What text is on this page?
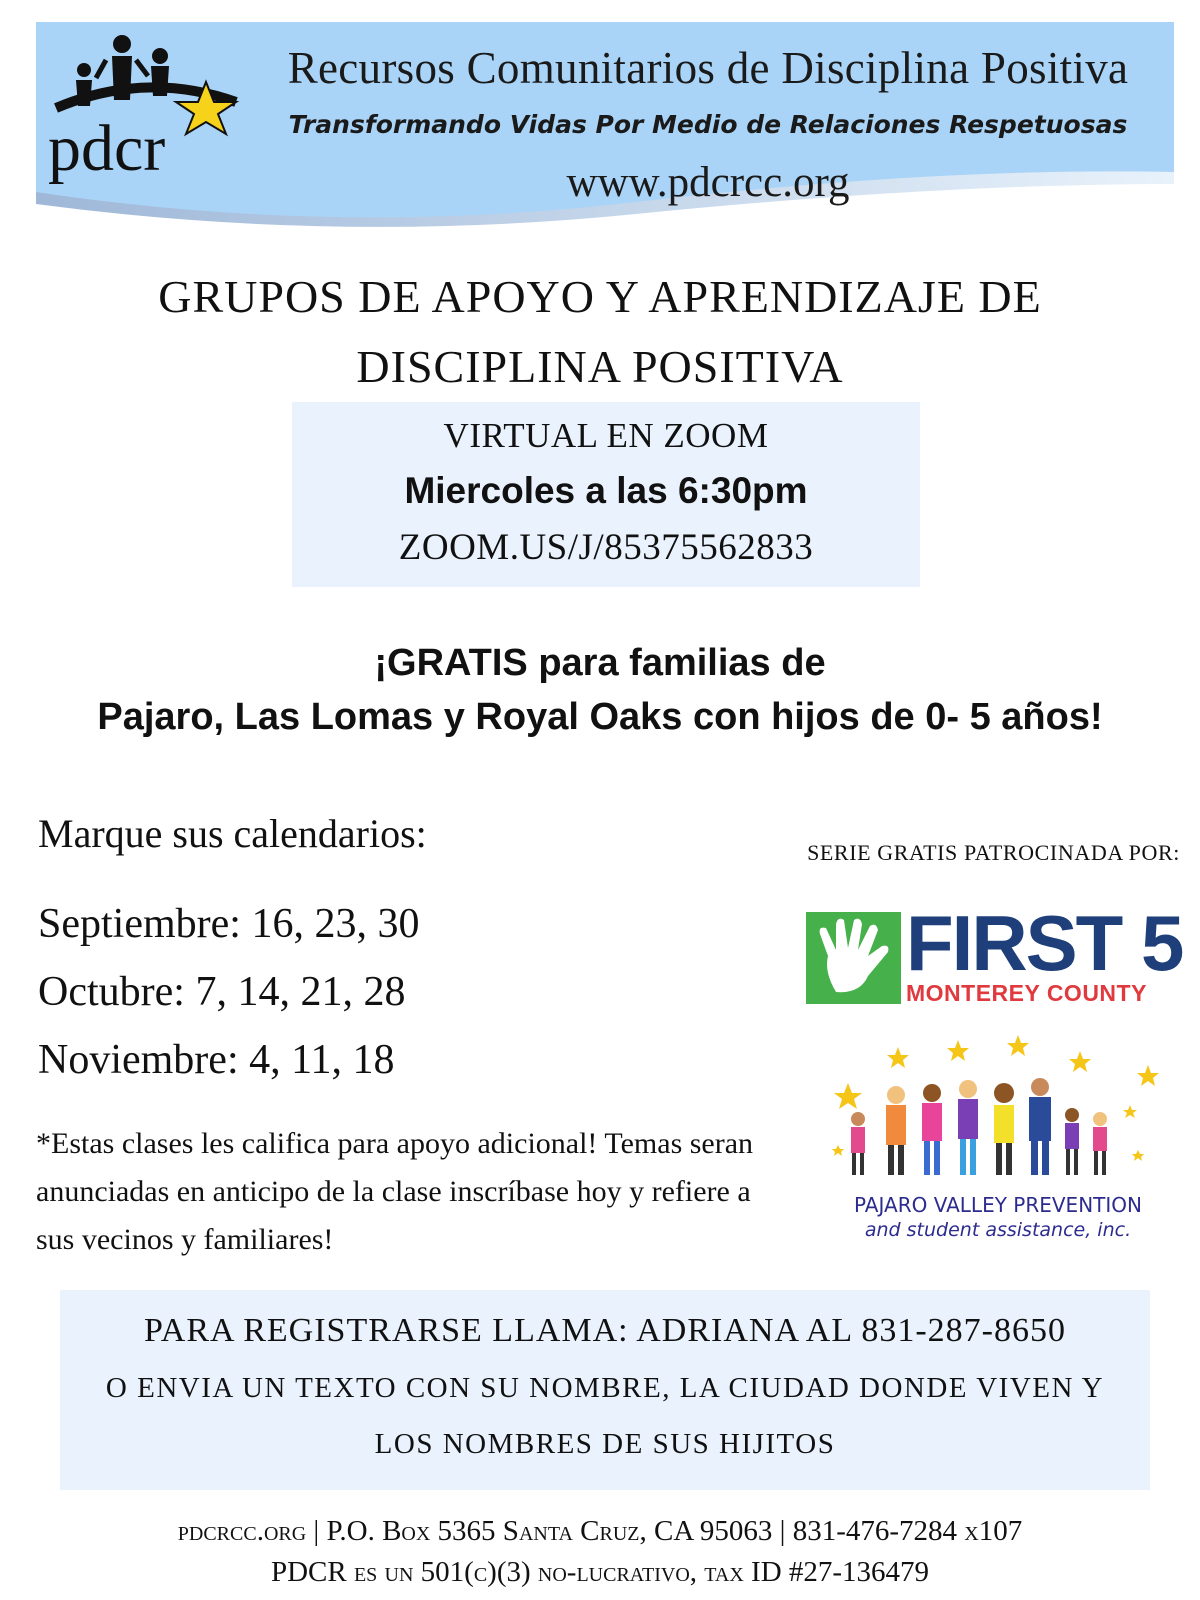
pdcr
Recursos Comunitarios de Disciplina Positiva
Transformando Vidas Por Medio de Relaciones Respetuosas
www.pdcrcc.org
GRUPOS DE APOYO Y APRENDIZAJE DE
DISCIPLINA POSITIVA
VIRTUAL EN ZOOM
Miercoles a las 6:30pm
ZOOM.US/J/85375562833
¡GRATIS para familias de
Pajaro, Las Lomas y Royal Oaks con hijos de 0- 5 años!
Marque sus calendarios:
Septiembre: 16, 23, 30
Octubre: 7, 14, 21, 28
Noviembre: 4, 11, 18
*Estas clases les califica para apoyo adicional! Temas seran anunciadas en anticipo de la clase inscríbase hoy y refiere a sus vecinos y familiares!
SERIE GRATIS PATROCINADA POR:
FIRST 5
MONTEREY COUNTY
PAJARO VALLEY PREVENTION
and student assistance, inc.
PARA REGISTRARSE LLAMA: ADRIANA AL 831-287-8650
O ENVIA UN TEXTO CON SU NOMBRE, LA CIUDAD DONDE VIVEN Y
LOS NOMBRES DE SUS HIJITOS
pdcrcc.org | P.O. Box 5365 Santa Cruz, CA 95063 | 831-476-7284 x107
PDCR es un 501(c)(3) no-lucrativo, tax ID #27-136479
